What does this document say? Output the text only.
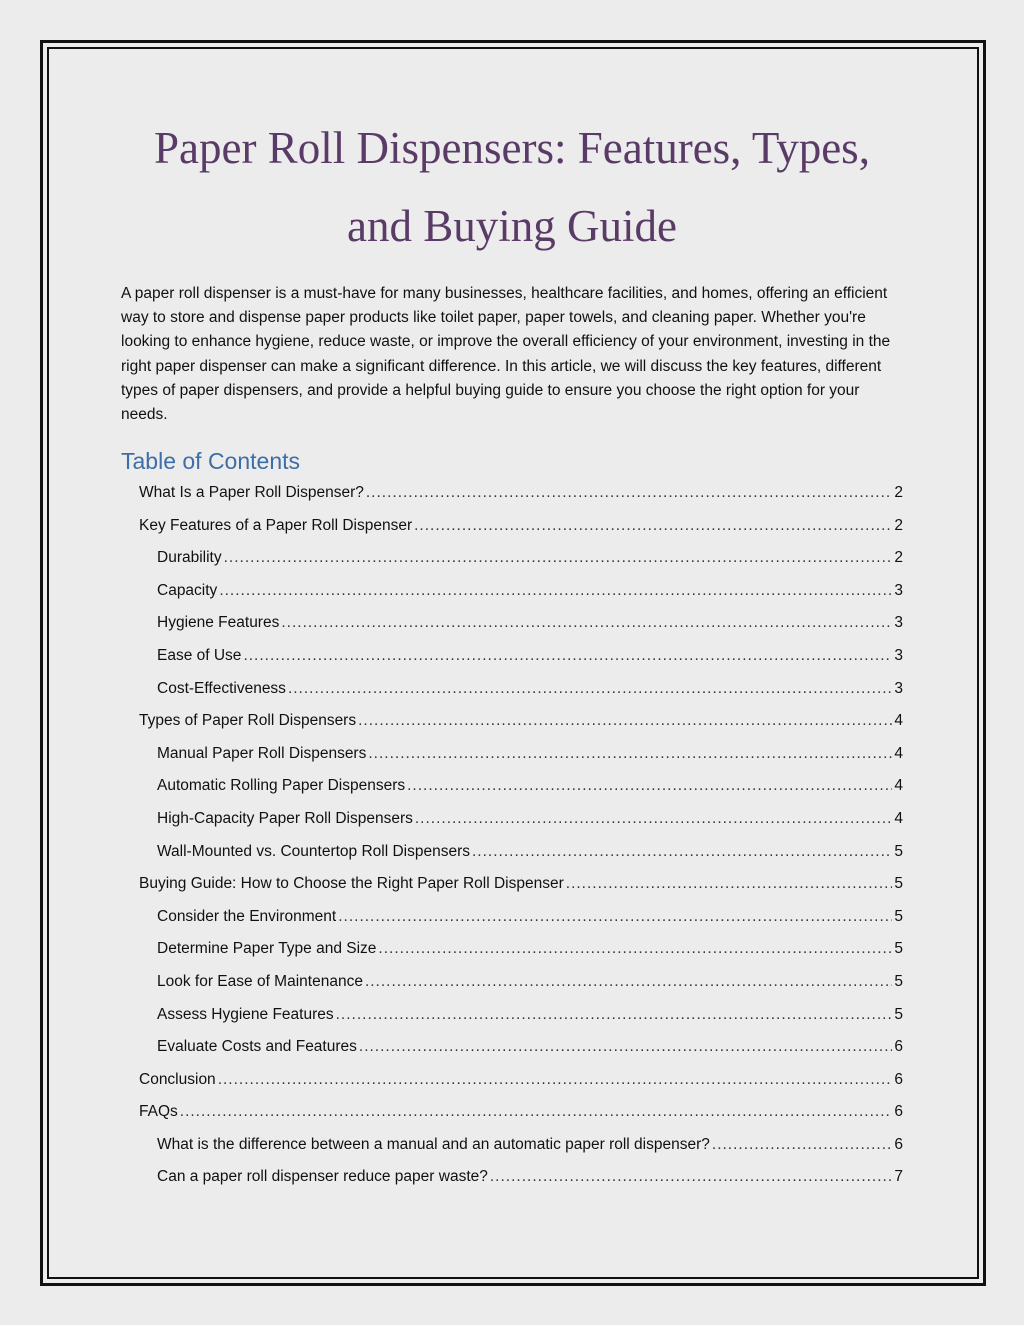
Paper Roll Dispensers: Features, Types,
and Buying Guide

A paper roll dispenser is a must-have for many businesses, healthcare facilities, and homes, offering an efficient way to store and dispense paper products like toilet paper, paper towels, and cleaning paper. Whether you're looking to enhance hygiene, reduce waste, or improve the overall efficiency of your environment, investing in the right paper dispenser can make a significant difference. In this article, we will discuss the key features, different types of paper dispensers, and provide a helpful buying guide to ensure you choose the right option for your needs.

Table of Contents
What Is a Paper Roll Dispenser? .....	2
Key Features of a Paper Roll Dispenser .....	2
Durability .....	2
Capacity .....	3
Hygiene Features .....	3
Ease of Use .....	3
Cost-Effectiveness .....	3
Types of Paper Roll Dispensers .....	4
Manual Paper Roll Dispensers .....	4
Automatic Rolling Paper Dispensers .....	4
High-Capacity Paper Roll Dispensers .....	4
Wall-Mounted vs. Countertop Roll Dispensers .....	5
Buying Guide: How to Choose the Right Paper Roll Dispenser .....	5
Consider the Environment .....	5
Determine Paper Type and Size .....	5
Look for Ease of Maintenance .....	5
Assess Hygiene Features .....	5
Evaluate Costs and Features .....	6
Conclusion .....	6
FAQs .....	6
What is the difference between a manual and an automatic paper roll dispenser? .....	6
Can a paper roll dispenser reduce paper waste? .....	7
